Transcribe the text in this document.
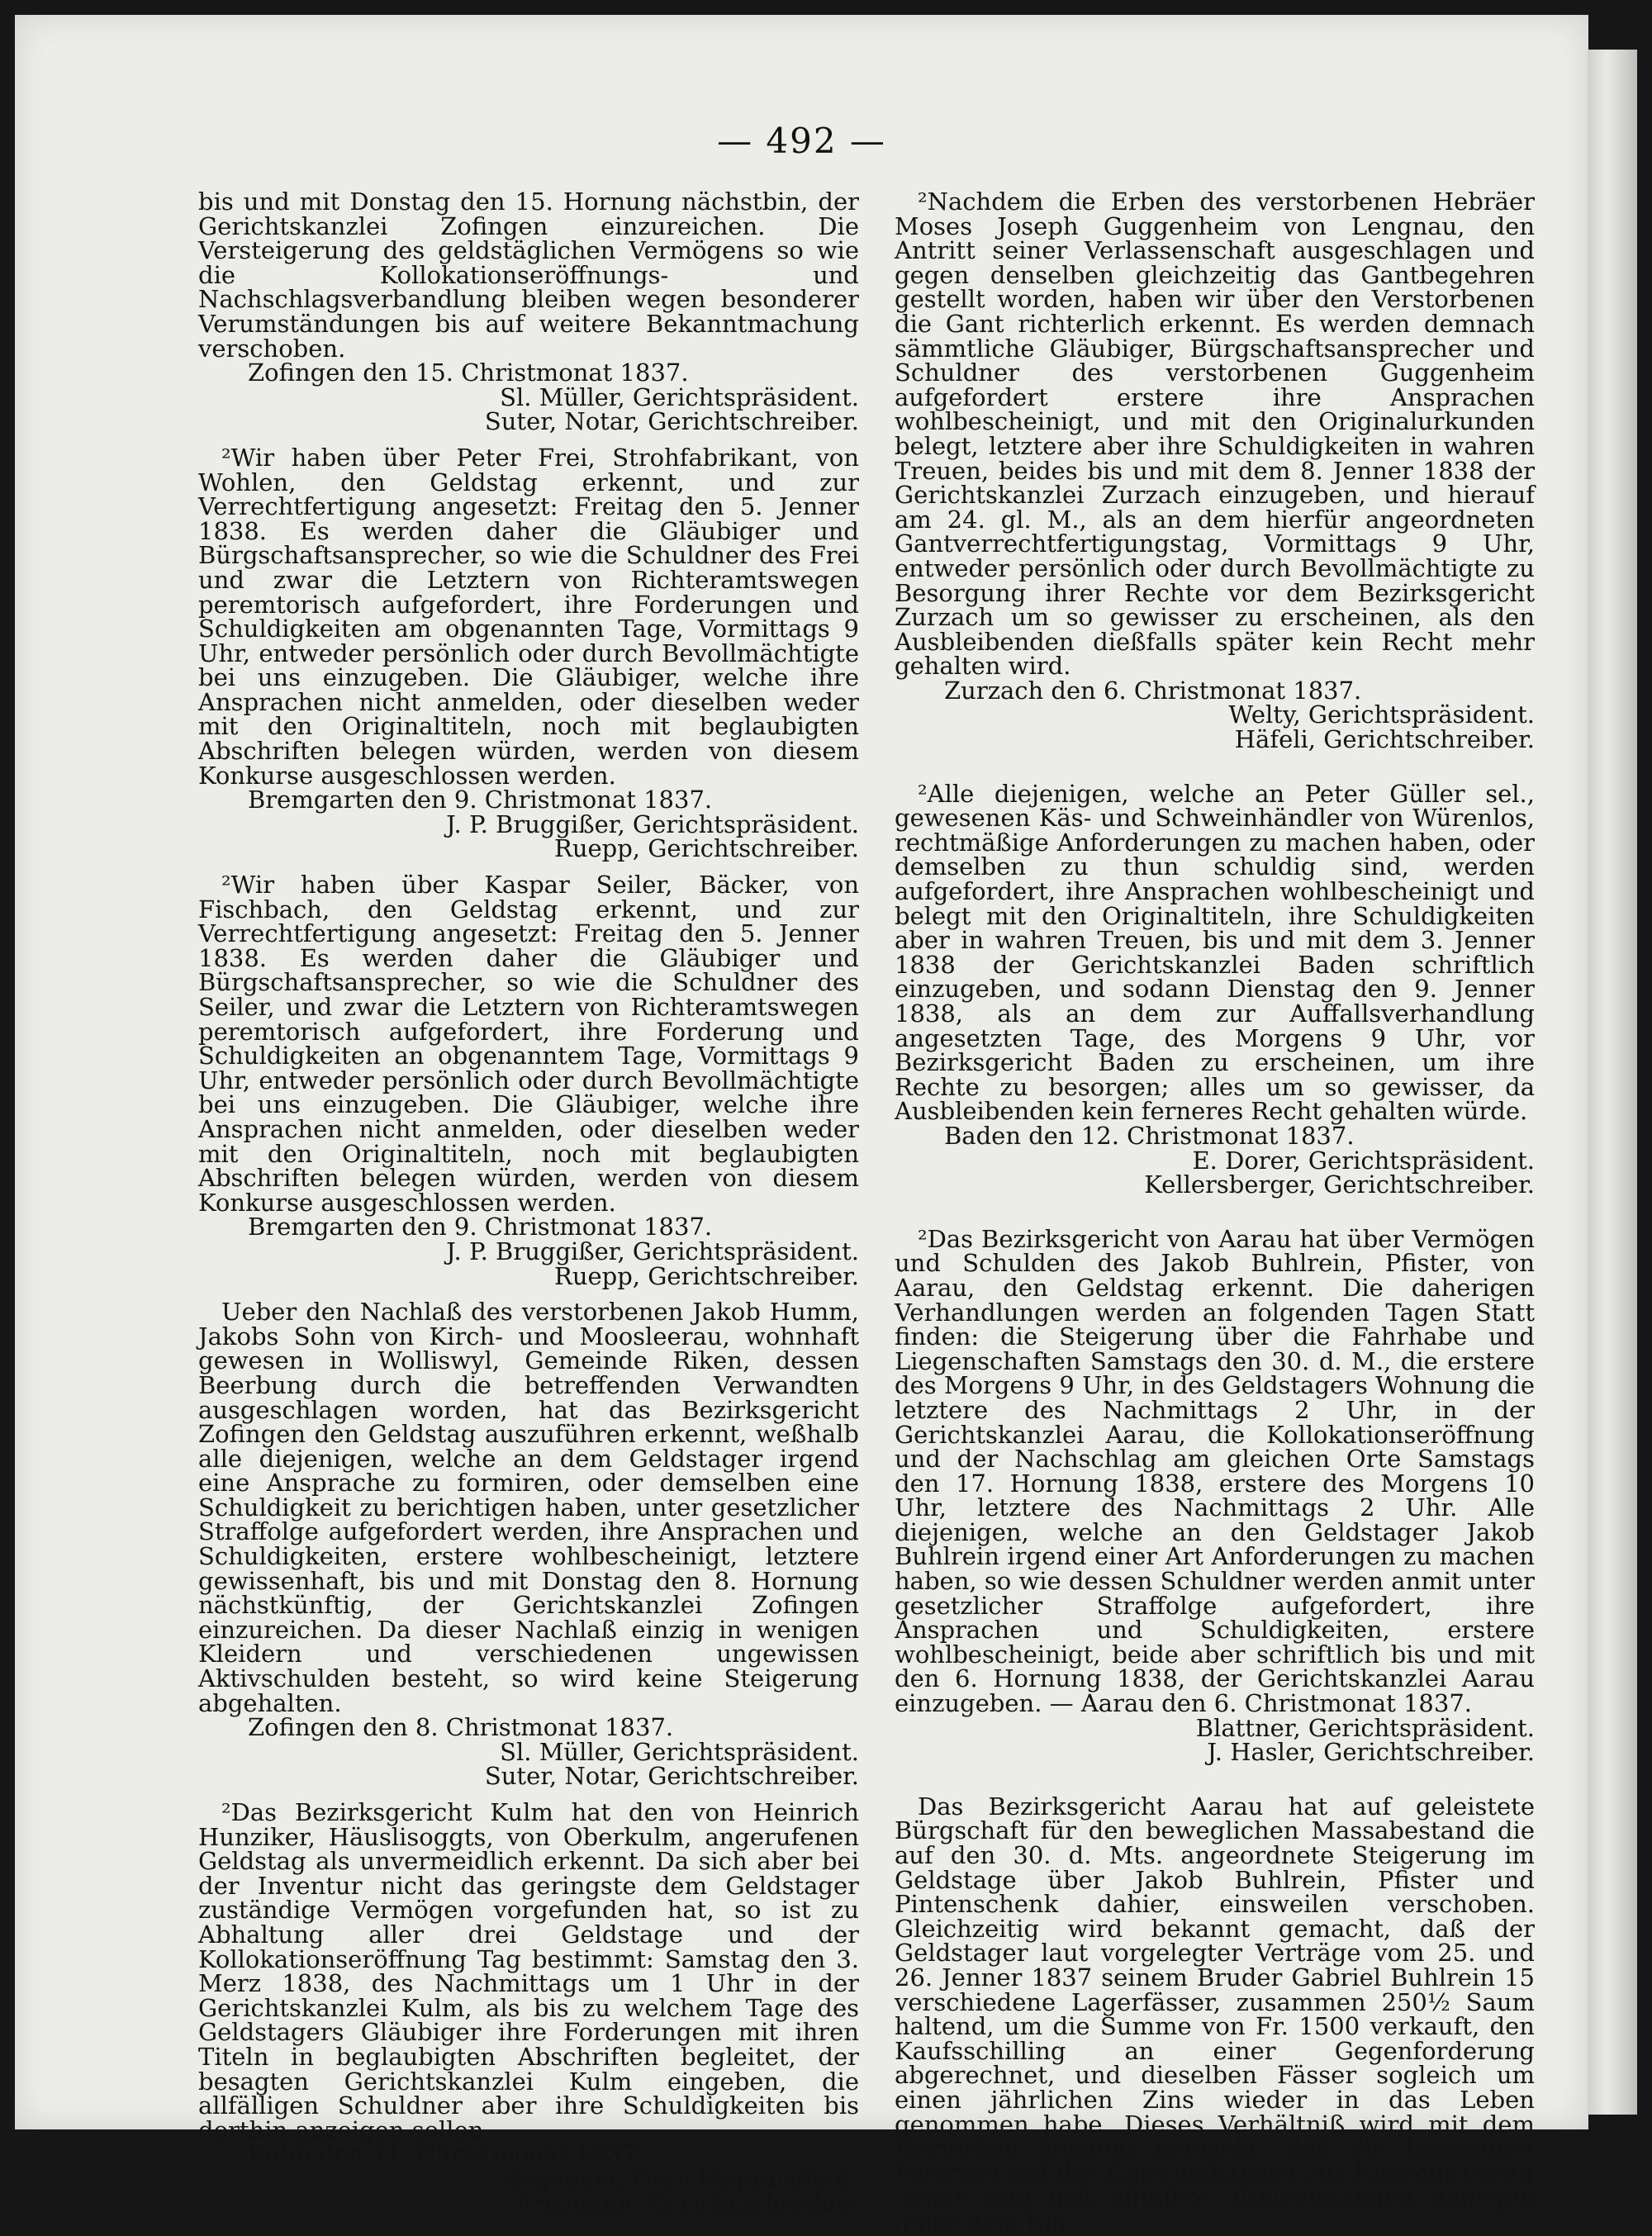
— 492 —
bis und mit Donstag den 15. Hornung nächstbin, der Gerichtskanzlei Zofingen einzureichen. Die Versteigerung des geldstäglichen Vermögens so wie die Kollokationseröffnungs- und Nachschlagsverbandlung bleiben wegen besonderer Verumständungen bis auf weitere Bekanntmachung verschoben.
Zofingen den 15. Christmonat 1837.
Sl. Müller, Gerichtspräsident.
Suter, Notar, Gerichtschreiber.
²Wir haben über Peter Frei, Strohfabrikant, von Wohlen, den Geldstag erkennt, und zur Verrechtfertigung angesetzt: Freitag den 5. Jenner 1838. Es werden daher die Gläubiger und Bürgschaftsansprecher, so wie die Schuldner des Frei und zwar die Letztern von Richteramtswegen peremtorisch aufgefordert, ihre Forderungen und Schuldigkeiten am obgenannten Tage, Vormittags 9 Uhr, entweder persönlich oder durch Bevollmächtigte bei uns einzugeben. Die Gläubiger, welche ihre Ansprachen nicht anmelden, oder dieselben weder mit den Originaltiteln, noch mit beglaubigten Abschriften belegen würden, werden von diesem Konkurse ausgeschlossen werden.
Bremgarten den 9. Christmonat 1837.
J. P. Bruggißer, Gerichtspräsident.
Ruepp, Gerichtschreiber.
²Wir haben über Kaspar Seiler, Bäcker, von Fischbach, den Geldstag erkennt, und zur Verrechtfertigung angesetzt: Freitag den 5. Jenner 1838. Es werden daher die Gläubiger und Bürgschaftsansprecher, so wie die Schuldner des Seiler, und zwar die Letztern von Richteramtswegen peremtorisch aufgefordert, ihre Forderung und Schuldigkeiten an obgenanntem Tage, Vormittags 9 Uhr, entweder persönlich oder durch Bevollmächtigte bei uns einzugeben. Die Gläubiger, welche ihre Ansprachen nicht anmelden, oder dieselben weder mit den Originaltiteln, noch mit beglaubigten Abschriften belegen würden, werden von diesem Konkurse ausgeschlossen werden.
Bremgarten den 9. Christmonat 1837.
J. P. Bruggißer, Gerichtspräsident.
Ruepp, Gerichtschreiber.
Ueber den Nachlaß des verstorbenen Jakob Humm, Jakobs Sohn von Kirch- und Moosleerau, wohnhaft gewesen in Wolliswyl, Gemeinde Riken, dessen Beerbung durch die betreffenden Verwandten ausgeschlagen worden, hat das Bezirksgericht Zofingen den Geldstag auszuführen erkennt, weßhalb alle diejenigen, welche an dem Geldstager irgend eine Ansprache zu formiren, oder demselben eine Schuldigkeit zu berichtigen haben, unter gesetzlicher Straffolge aufgefordert werden, ihre Ansprachen und Schuldigkeiten, erstere wohlbescheinigt, letztere gewissenhaft, bis und mit Donstag den 8. Hornung nächstkünftig, der Gerichtskanzlei Zofingen einzureichen. Da dieser Nachlaß einzig in wenigen Kleidern und verschiedenen ungewissen Aktivschulden besteht, so wird keine Steigerung abgehalten.
Zofingen den 8. Christmonat 1837.
Sl. Müller, Gerichtspräsident.
Suter, Notar, Gerichtschreiber.
²Das Bezirksgericht Kulm hat den von Heinrich Hunziker, Häuslisoggts, von Oberkulm, angerufenen Geldstag als unvermeidlich erkennt. Da sich aber bei der Inventur nicht das geringste dem Geldstager zuständige Vermögen vorgefunden hat, so ist zu Abhaltung aller drei Geldstage und der Kollokationseröffnung Tag bestimmt: Samstag den 3. Merz 1838, des Nachmittags um 1 Uhr in der Gerichtskanzlei Kulm, als bis zu welchem Tage des Geldstagers Gläubiger ihre Forderungen mit ihren Titeln in beglaubigten Abschriften begleitet, der besagten Gerichtskanzlei Kulm eingeben, die allfälligen Schuldner aber ihre Schuldigkeiten bis dorthin anzeigen sollen.
Kulm den 11. Christmonat 1837.
Hegnauer, Gerichtspräsident.
Erismann, Gerichtschreiber.
²Nachdem die Erben des verstorbenen Hebräer Moses Joseph Guggenheim von Lengnau, den Antritt seiner Verlassenschaft ausgeschlagen und gegen denselben gleichzeitig das Gantbegehren gestellt worden, haben wir über den Verstorbenen die Gant richterlich erkennt. Es werden demnach sämmtliche Gläubiger, Bürgschaftsansprecher und Schuldner des verstorbenen Guggenheim aufgefordert erstere ihre Ansprachen wohlbescheinigt, und mit den Originalurkunden belegt, letztere aber ihre Schuldigkeiten in wahren Treuen, beides bis und mit dem 8. Jenner 1838 der Gerichtskanzlei Zurzach einzugeben, und hierauf am 24. gl. M., als an dem hierfür angeordneten Gantverrechtfertigungstag, Vormittags 9 Uhr, entweder persönlich oder durch Bevollmächtigte zu Besorgung ihrer Rechte vor dem Bezirksgericht Zurzach um so gewisser zu erscheinen, als den Ausbleibenden dießfalls später kein Recht mehr gehalten wird.
Zurzach den 6. Christmonat 1837.
Welty, Gerichtspräsident.
Häfeli, Gerichtschreiber.
²Alle diejenigen, welche an Peter Güller sel., gewesenen Käs- und Schweinhändler von Würenlos, rechtmäßige Anforderungen zu machen haben, oder demselben zu thun schuldig sind, werden aufgefordert, ihre Ansprachen wohlbescheinigt und belegt mit den Originaltiteln, ihre Schuldigkeiten aber in wahren Treuen, bis und mit dem 3. Jenner 1838 der Gerichtskanzlei Baden schriftlich einzugeben, und sodann Dienstag den 9. Jenner 1838, als an dem zur Auffallsverhandlung angesetzten Tage, des Morgens 9 Uhr, vor Bezirksgericht Baden zu erscheinen, um ihre Rechte zu besorgen; alles um so gewisser, da Ausbleibenden kein ferneres Recht gehalten würde.
Baden den 12. Christmonat 1837.
E. Dorer, Gerichtspräsident.
Kellersberger, Gerichtschreiber.
²Das Bezirksgericht von Aarau hat über Vermögen und Schulden des Jakob Buhlrein, Pfister, von Aarau, den Geldstag erkennt. Die daherigen Verhandlungen werden an folgenden Tagen Statt finden: die Steigerung über die Fahrhabe und Liegenschaften Samstags den 30. d. M., die erstere des Morgens 9 Uhr, in des Geldstagers Wohnung die letztere des Nachmittags 2 Uhr, in der Gerichtskanzlei Aarau, die Kollokationseröffnung und der Nachschlag am gleichen Orte Samstags den 17. Hornung 1838, erstere des Morgens 10 Uhr, letztere des Nachmittags 2 Uhr. Alle diejenigen, welche an den Geldstager Jakob Buhlrein irgend einer Art Anforderungen zu machen haben, so wie dessen Schuldner werden anmit unter gesetzlicher Straffolge aufgefordert, ihre Ansprachen und Schuldigkeiten, erstere wohlbescheinigt, beide aber schriftlich bis und mit den 6. Hornung 1838, der Gerichtskanzlei Aarau einzugeben. — Aarau den 6. Christmonat 1837.
Blattner, Gerichtspräsident.
J. Hasler, Gerichtschreiber.
Das Bezirksgericht Aarau hat auf geleistete Bürgschaft für den beweglichen Massabestand die auf den 30. d. Mts. angeordnete Steigerung im Geldstage über Jakob Buhlrein, Pfister und Pintenschenk dahier, einsweilen verschoben. Gleichzeitig wird bekannt gemacht, daß der Geldstager laut vorgelegter Verträge vom 25. und 26. Jenner 1837 seinem Bruder Gabriel Buhlrein 15 verschiedene Lagerfässer, zusammen 250½ Saum haltend, um die Summe von Fr. 1500 verkauft, den Kaufsschilling an einer Gegenforderung abgerechnet, und dieselben Fässer sogleich um einen jährlichen Zins wieder in das Leben genommen habe. Dieses Verhältniß wird mit dem Bemerken bekannt gemacht, daß die benannten Verträge auf der Gerichtskanzlei zur Einsicht bereit liegen und daß allfällige Einwendungen dagegen inner dem Ein-
